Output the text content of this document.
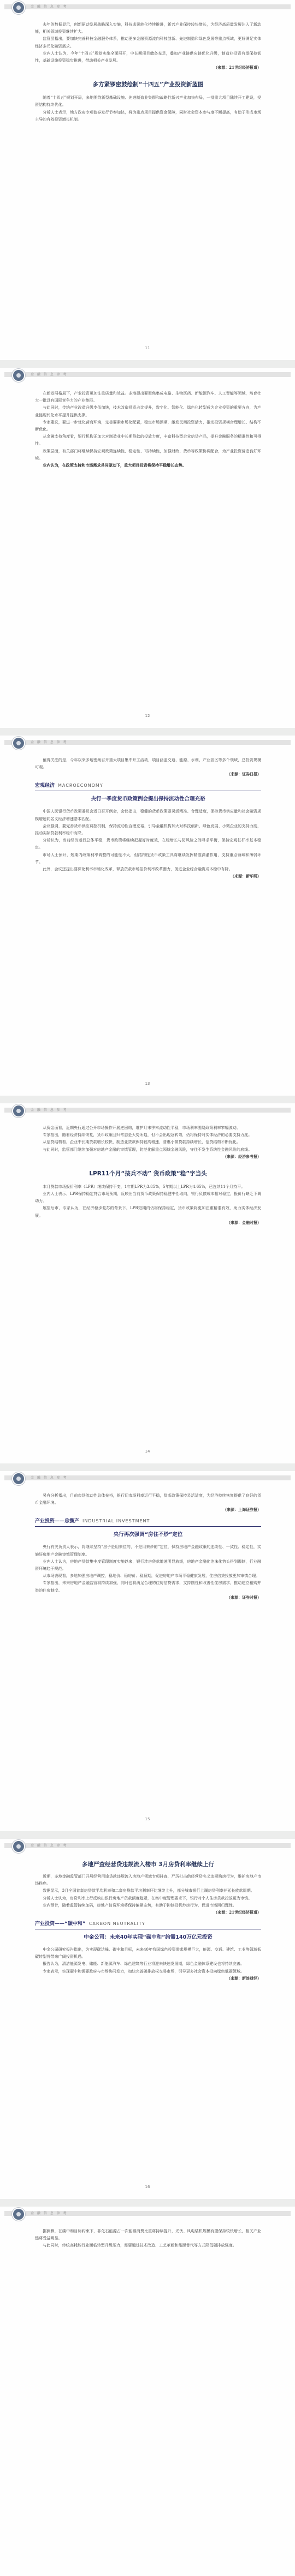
金 融 信 息 参 考

去年的数据显示，创新驱动发展战略深入实施，科技成果转化持续推进，新兴产业保持较快增长，为经济高质量发展注入了新动能，相关领域投资继续扩大。

监管层指出，要加快完善科技金融服务体系，推动更多金融资源流向科技创新、先进制造和绿色发展等重点领域，更好满足实体经济多元化融资需求。

业内人士认为，今年“十四五”规划实施全面展开，中长期项目储备充足，叠加产业链供应链优化升级，制造业投资有望保持韧性，基础设施投资稳步推进，带动相关产业发展。

（来源：21世纪经济报道）

多方紧锣密鼓绘制“十四五”产业投资新蓝图

随着“十四五”规划开局，多地围绕新型基础设施、先进制造业集群和战略性新兴产业加快布局，一批重大项目陆续开工建设，投资结构持续优化。

分析人士表示，地方政府专项债券发行节奏加快，将为重点项目提供资金保障，同时社会资本参与度不断提高，有助于形成市场主导的有效投资增长机制。

11
金 融 信 息 参 考

在新发展格局下，产业投资更加注重质量和效益。多地提出要聚焦集成电路、生物医药、新能源汽车、人工智能等领域，培育壮大一批具有国际竞争力的产业集群。

与此同时，传统产业改造升级步伐加快，技术改造投资占比提升，数字化、智能化、绿色化转型成为企业投资的重要方向，为产业链现代化水平提升提供支撑。

专家建议，要进一步优化营商环境，完善要素市场化配置，稳定市场预期，激发民间投资活力，推动投资规模合理增长、结构不断优化。

从金融支持角度看，银行机构正加大对制造业中长期贷款的投放力度，丰富科技型企业信贷产品，提升金融服务的精准性和可得性。

政策层面，有关部门将继续保持宏观政策连续性、稳定性、可持续性，加强财政、货币等政策协调配合，为产业投资营造良好环境。

业内认为，在政策支持和市场需求共同驱动下，重大项目投资将保持平稳增长态势。

12
金 融 信 息 参 考

值得关注的是，今年以来多地密集召开重大项目集中开工活动，项目涵盖交通、能源、水利、产业园区等多个领域，总投资规模可观。

（来源：证券日报）

宏观经济 MACROECONOMY

央行一季度货币政策例会提出保持流动性合理充裕

中国人民银行货币政策委员会近日召开例会，会议指出，稳健的货币政策要灵活精准、合理适度，保持货币供应量和社会融资规模增速同名义经济增速基本匹配。

会议强调，要完善货币供应调控机制，保持流动性合理充裕，引导金融机构加大对科技创新、绿色发展、小微企业的支持力度，推动实际贷款利率稳中有降。

分析认为，当前经济运行总体平稳，货币政策将继续把握好时度效，在稳增长与防风险之间寻求平衡，保持宏观杠杆率基本稳定。

市场人士预计，短期内政策利率调整的可能性不大，但结构性货币政策工具将继续发挥精准滴灌作用，支持重点领域和薄弱环节。

此外，会议还提出要深化利率市场化改革，释放贷款市场报价利率改革潜力，促进企业综合融资成本稳中有降。

（来源：新华网）

13
金 融 信 息 参 考

从资金面看，近期央行通过公开市场操作开展逆回购，维护月末季末流动性平稳，市场利率围绕政策利率窄幅波动。

专家指出，随着经济持续恢复，货币政策回归常态是大势所趋，但不会出现急转弯，仍将保持对实体经济的必要支持力度。

从信贷结构看，企业中长期贷款增长较快，制造业贷款保持较高增速，普惠小微贷款持续增长，信贷结构不断优化。

与此同时，监管部门继续加强对房地产金融的审慎管理，防范化解重点领域金融风险，守住不发生系统性金融风险的底线。

（来源：经济参考报）

LPR11个月“按兵不动” 货币政策“稳”字当头

本月贷款市场报价利率（LPR）继续保持不变，1年期LPR为3.85%，5年期以上LPR为4.65%，已连续11个月持平。

业内人士表示，LPR保持稳定符合市场预期，反映出当前货币政策保持稳健中性取向，银行负债成本相对稳定，报价行缺乏下调动力。

展望后市，专家认为，在经济稳步复苏的背景下，LPR短期内仍将保持稳定，货币政策将更加注重精准有效，助力实体经济发展。

（来源：金融时报）

14
金 融 信 息 参 考

另有分析指出，目前市场流动性总体充裕，银行间市场利率运行平稳，货币政策保持灵活适度，为经济持续恢复提供了良好的货币金融环境。

（来源：上海证券报）

产业投资——总揽产 INDUSTRIAL INVESTMENT

央行再次强调“房住不炒”定位

央行有关负责人表示，将继续坚持“房子是用来住的、不是用来炒的”定位，保持房地产金融政策的连续性、一致性、稳定性，实施好房地产金融审慎管理制度。

业内人士认为，房地产贷款集中度管理制度实施以来，银行涉房贷款增速明显放缓，房地产金融化泡沫化势头得到遏制，行业融资环境趋于规范。

从市场表现看，多地加强房地产调控，稳地价、稳房价、稳预期，促进房地产市场平稳健康发展，住房信贷投放更加审慎合理。

专家指出，未来房地产金融监管将持续加强，同时也将满足合理的住房信贷需求，支持刚性和改善性住房需求，推动建立租购并举的住房制度。

（来源：证券时报）

15
金 融 信 息 参 考

多地严查经营贷违规流入楼市 3月房贷利率继续上行

近期，多地金融监管部门开展经营用途贷款违规流入房地产领域专项排查，严厉打击借经营贷名义违规购房行为，维护房地产市场秩序。

数据显示，3月全国首套房贷款平均利率和二套房贷款平均利率环比继续上升，部分城市银行上调房贷利率并延长放款周期。

分析人士认为，房贷利率上行反映出银行房地产贷款额度趋紧，在集中度管理要求下，银行对个人住房贷款投放更为审慎。

业内预计，随着监管持续加码，房地产信贷环境将保持偏紧态势，有助于抑制投机炒房行为，促进市场回归理性。

（来源：21世纪经济报道）

产业投资——“碳中和” CARBON NEUTRALITY

中金公司：未来40年实现“碳中和”约需140万亿元投资

中金公司研究报告指出，为实现碳达峰、碳中和目标，未来40年我国绿色投资需求规模巨大，能源、交通、建筑、工业等领域低碳转型将带来广阔投资机遇。

报告认为，清洁能源发电、储能、新能源汽车、绿色建筑等行业将迎来快速发展期，绿色金融体系建设也将持续完善。

专家表示，实现碳中和需要政府与市场协同发力，加快完善碳排放权交易市场，引导更多社会资本投向绿色低碳领域。

（来源：新浪财经）

16
金 融 信 息 参 考

据测算，在碳中和目标约束下，非化石能源占一次能源消费比重将持续提升，光伏、风电装机规模有望保持较快增长，相关产业链将受益明显。

与此同时，传统高耗能行业面临转型升级压力，需要通过技术改造、工艺革新和能源替代等方式降低碳排放强度。
